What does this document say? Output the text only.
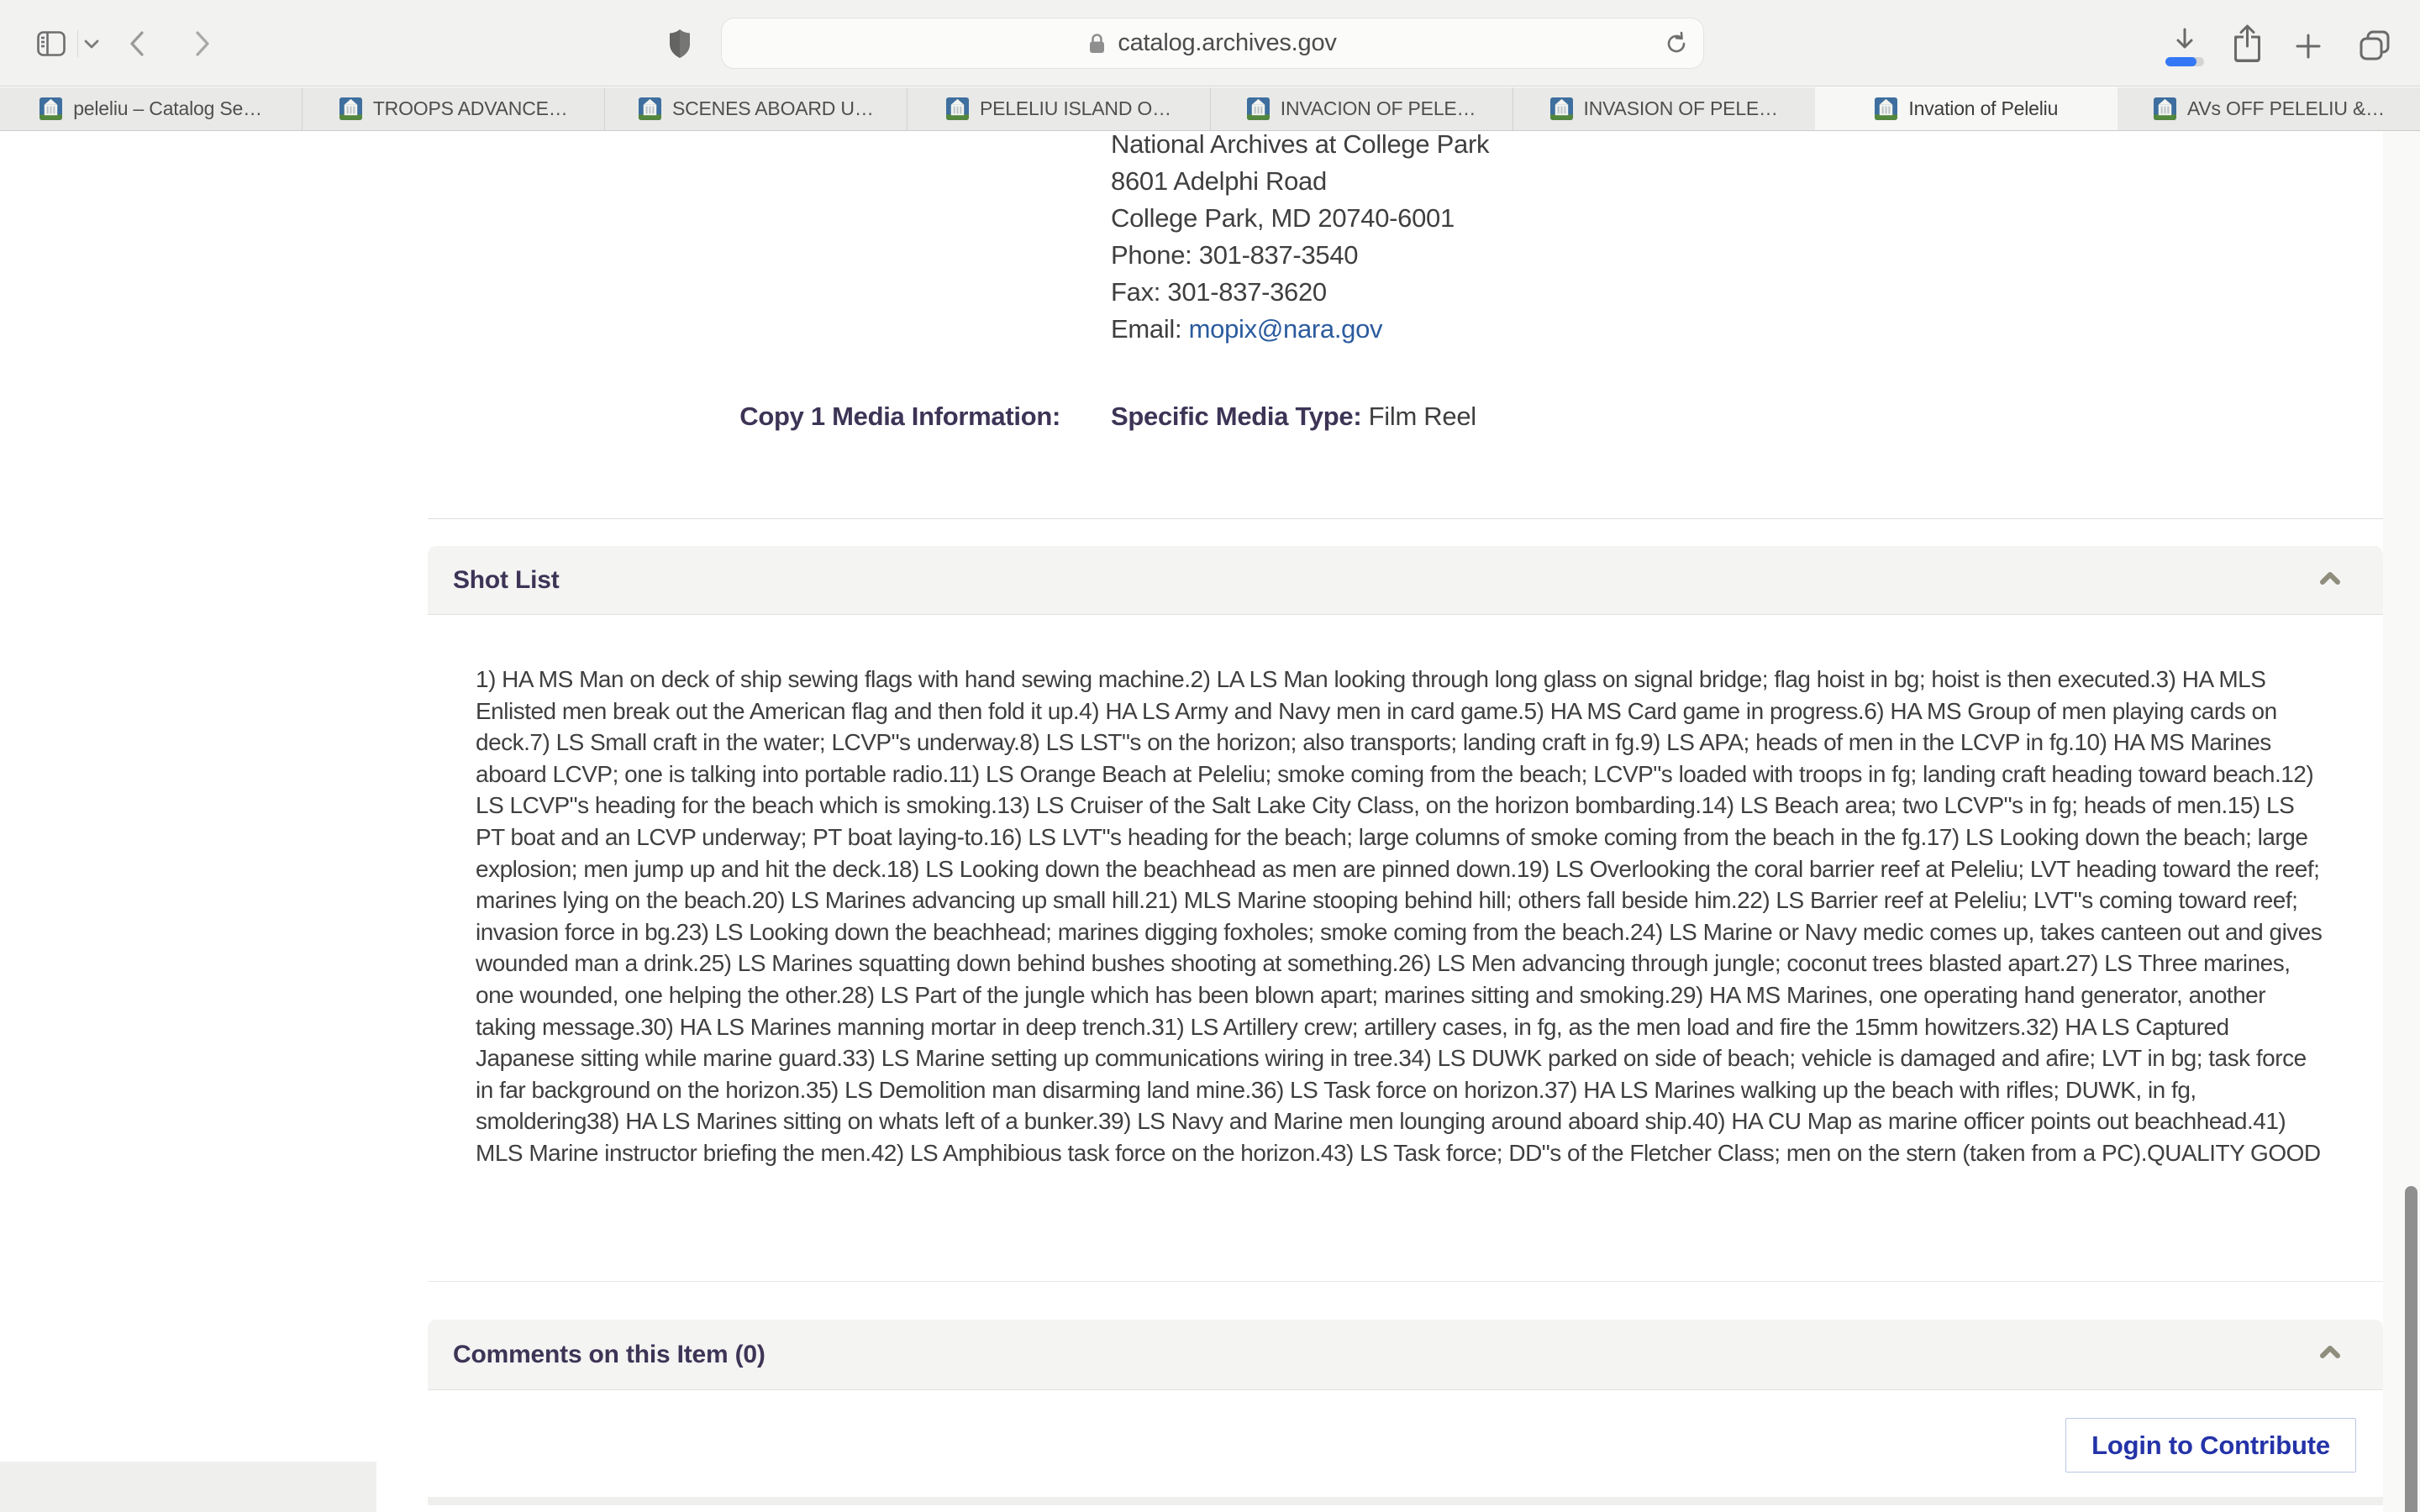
catalog.archives.gov
peleliu – Catalog Se…	TROOPS ADVANCE…	SCENES ABOARD U…	PELELIU ISLAND O…	INVACION OF PELE…	INVASION OF PELE…	Invation of Peleliu	AVs OFF PELELIU &…
National Archives at College Park
8601 Adelphi Road
College Park, MD 20740-6001
Phone: 301-837-3540
Fax: 301-837-3620
Email: mopix@nara.gov
Copy 1 Media Information: Specific Media Type: Film Reel
Shot List
1) HA MS Man on deck of ship sewing flags with hand sewing machine.2) LA LS Man looking through long glass on signal bridge; flag hoist in bg; hoist is then executed.3) HA MLS Enlisted men break out the American flag and then fold it up.4) HA LS Army and Navy men in card game.5) HA MS Card game in progress.6) HA MS Group of men playing cards on deck.7) LS Small craft in the water; LCVP"s underway.8) LS LST"s on the horizon; also transports; landing craft in fg.9) LS APA; heads of men in the LCVP in fg.10) HA MS Marines aboard LCVP; one is talking into portable radio.11) LS Orange Beach at Peleliu; smoke coming from the beach; LCVP"s loaded with troops in fg; landing craft heading toward beach.12) LS LCVP"s heading for the beach which is smoking.13) LS Cruiser of the Salt Lake City Class, on the horizon bombarding.14) LS Beach area; two LCVP"s in fg; heads of men.15) LS PT boat and an LCVP underway; PT boat laying-to.16) LS LVT"s heading for the beach; large columns of smoke coming from the beach in the fg.17) LS Looking down the beach; large explosion; men jump up and hit the deck.18) LS Looking down the beachhead as men are pinned down.19) LS Overlooking the coral barrier reef at Peleliu; LVT heading toward the reef; marines lying on the beach.20) LS Marines advancing up small hill.21) MLS Marine stooping behind hill; others fall beside him.22) LS Barrier reef at Peleliu; LVT"s coming toward reef; invasion force in bg.23) LS Looking down the beachhead; marines digging foxholes; smoke coming from the beach.24) LS Marine or Navy medic comes up, takes canteen out and gives wounded man a drink.25) LS Marines squatting down behind bushes shooting at something.26) LS Men advancing through jungle; coconut trees blasted apart.27) LS Three marines, one wounded, one helping the other.28) LS Part of the jungle which has been blown apart; marines sitting and smoking.29) HA MS Marines, one operating hand generator, another taking message.30) HA LS Marines manning mortar in deep trench.31) LS Artillery crew; artillery cases, in fg, as the men load and fire the 15mm howitzers.32) HA LS Captured Japanese sitting while marine guard.33) LS Marine setting up communications wiring in tree.34) LS DUWK parked on side of beach; vehicle is damaged and afire; LVT in bg; task force in far background on the horizon.35) LS Demolition man disarming land mine.36) LS Task force on horizon.37) HA LS Marines walking up the beach with rifles; DUWK, in fg, smoldering38) HA LS Marines sitting on whats left of a bunker.39) LS Navy and Marine men lounging around aboard ship.40) HA CU Map as marine officer points out beachhead.41) MLS Marine instructor briefing the men.42) LS Amphibious task force on the horizon.43) LS Task force; DD"s of the Fletcher Class; men on the stern (taken from a PC).QUALITY GOOD
Comments on this Item (0)
Login to Contribute
